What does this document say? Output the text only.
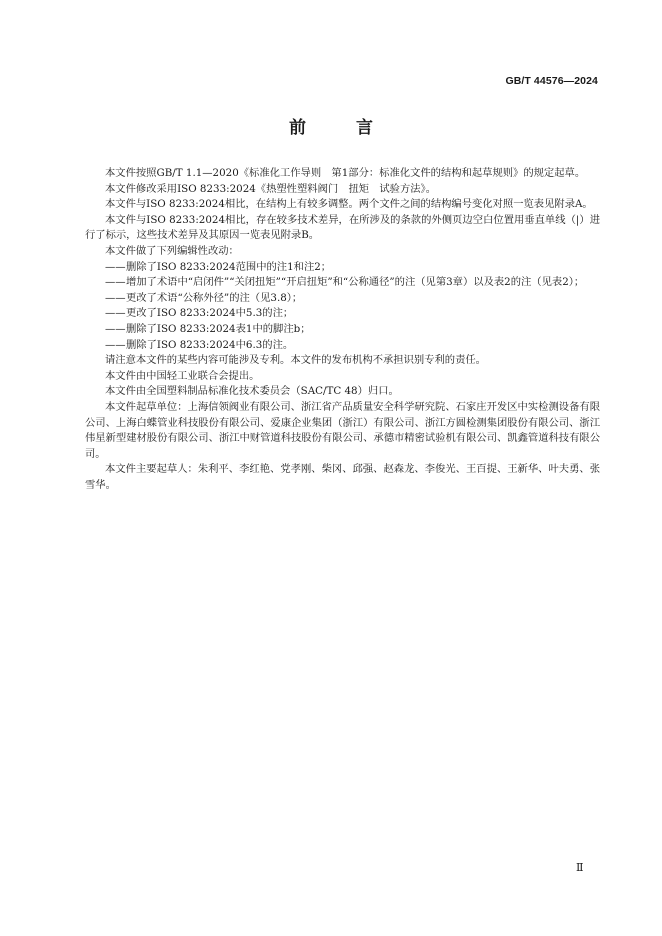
GB/T 44576—2024
前 言

本文件按照GB/T 1.1—2020《标准化工作导则　第1部分：标准化文件的结构和起草规则》的规定起草。

本文件修改采用ISO 8233:2024《热塑性塑料阀门　扭矩　试验方法》。

本文件与ISO 8233:2024相比，在结构上有较多调整。两个文件之间的结构编号变化对照一览表见附录A。

本文件与ISO 8233:2024相比，存在较多技术差异，在所涉及的条款的外侧页边空白位置用垂直单线（|）进行了标示，这些技术差异及其原因一览表见附录B。

本文件做了下列编辑性改动：

—— 删除了ISO 8233:2024范围中的注1和注2；
—— 增加了术语中“启闭件”“关闭扭矩”“开启扭矩”和“公称通径”的注（见第3章）以及表2的注（见表2）；
—— 更改了术语“公称外径”的注（见3.8）；
—— 更改了ISO 8233:2024中5.3的注；
—— 删除了ISO 8233:2024表1中的脚注b；
—— 删除了ISO 8233:2024中6.3的注。

请注意本文件的某些内容可能涉及专利。本文件的发布机构不承担识别专利的责任。

本文件由中国轻工业联合会提出。

本文件由全国塑料制品标准化技术委员会（SAC/TC 48）归口。

本文件起草单位：上海信领阀业有限公司、浙江省产品质量安全科学研究院、石家庄开发区中实检测设备有限公司、上海白蝶管业科技股份有限公司、爱康企业集团（浙江）有限公司、浙江方圆检测集团股份有限公司、浙江伟星新型建材股份有限公司、浙江中财管道科技股份有限公司、承德市精密试验机有限公司、凯鑫管道科技有限公司。

本文件主要起草人：朱利平、李红艳、党孝刚、柴冈、邱强、赵森龙、李俊光、王百提、王新华、叶夫勇、张雪华。

Ⅱ
